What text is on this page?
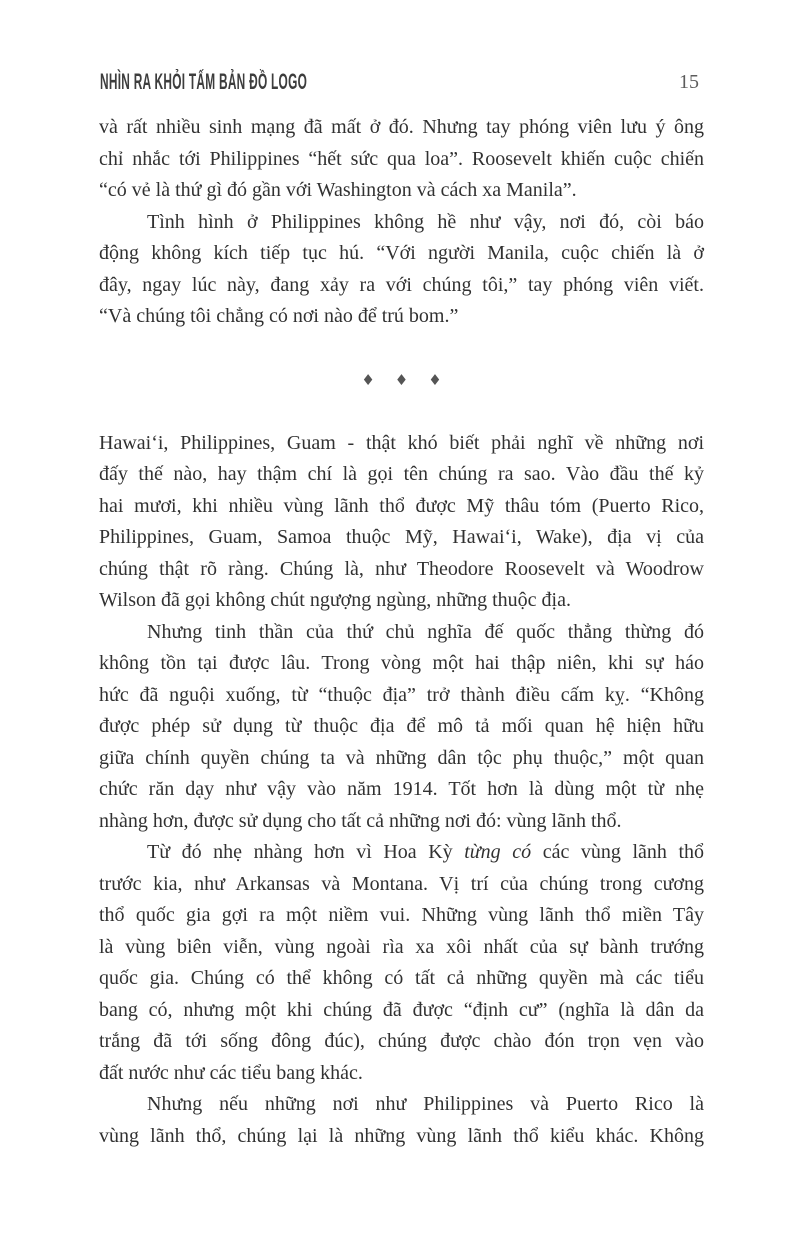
NHÌN RA KHỎI TẤM BẢN ĐỒ LOGO	15
và rất nhiều sinh mạng đã mất ở đó. Nhưng tay phóng viên lưu ý ông
chỉ nhắc tới Philippines “hết sức qua loa”. Roosevelt khiến cuộc chiến
“có vẻ là thứ gì đó gần với Washington và cách xa Manila”.
Tình hình ở Philippines không hề như vậy, nơi đó, còi báo
động không kích tiếp tục hú. “Với người Manila, cuộc chiến là ở
đây, ngay lúc này, đang xảy ra với chúng tôi,” tay phóng viên viết.
“Và chúng tôi chẳng có nơi nào để trú bom.”
♦ ♦ ♦
Hawai‘i, Philippines, Guam - thật khó biết phải nghĩ về những nơi
đấy thế nào, hay thậm chí là gọi tên chúng ra sao. Vào đầu thế kỷ
hai mươi, khi nhiều vùng lãnh thổ được Mỹ thâu tóm (Puerto Rico,
Philippines, Guam, Samoa thuộc Mỹ, Hawai‘i, Wake), địa vị của
chúng thật rõ ràng. Chúng là, như Theodore Roosevelt và Woodrow
Wilson đã gọi không chút ngượng ngùng, những thuộc địa.
Nhưng tinh thần của thứ chủ nghĩa đế quốc thẳng thừng đó
không tồn tại được lâu. Trong vòng một hai thập niên, khi sự háo
hức đã nguội xuống, từ “thuộc địa” trở thành điều cấm kỵ. “Không
được phép sử dụng từ thuộc địa để mô tả mối quan hệ hiện hữu
giữa chính quyền chúng ta và những dân tộc phụ thuộc,” một quan
chức răn dạy như vậy vào năm 1914. Tốt hơn là dùng một từ nhẹ
nhàng hơn, được sử dụng cho tất cả những nơi đó: vùng lãnh thổ.
Từ đó nhẹ nhàng hơn vì Hoa Kỳ từng có các vùng lãnh thổ
trước kia, như Arkansas và Montana. Vị trí của chúng trong cương
thổ quốc gia gợi ra một niềm vui. Những vùng lãnh thổ miền Tây
là vùng biên viễn, vùng ngoài rìa xa xôi nhất của sự bành trướng
quốc gia. Chúng có thể không có tất cả những quyền mà các tiểu
bang có, nhưng một khi chúng đã được “định cư” (nghĩa là dân da
trắng đã tới sống đông đúc), chúng được chào đón trọn vẹn vào
đất nước như các tiểu bang khác.
Nhưng nếu những nơi như Philippines và Puerto Rico là
vùng lãnh thổ, chúng lại là những vùng lãnh thổ kiểu khác. Không
